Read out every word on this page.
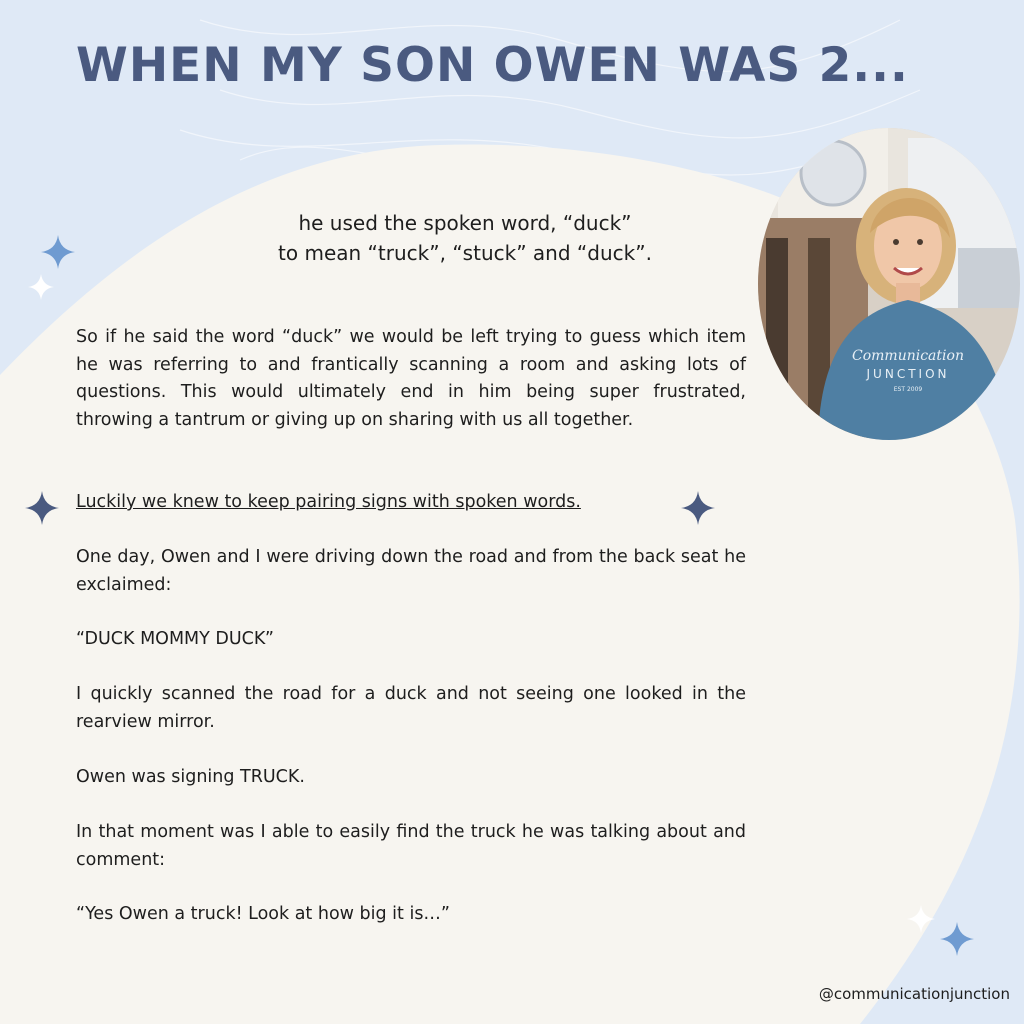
WHEN MY SON OWEN WAS 2...
he used the spoken word, “duck”
to mean “truck”, “stuck” and “duck”.
So if he said the word “duck” we would be left trying to guess which item he was referring to and frantically scanning a room and asking lots of questions. This would ultimately end in him being super frustrated, throwing a tantrum or giving up on sharing with us all together.
Luckily we knew to keep pairing signs with spoken words.
One day, Owen and I were driving down the road and from the back seat he exclaimed:
“DUCK MOMMY DUCK”
I quickly scanned the road for a duck and not seeing one looked in the rearview mirror.
Owen was signing TRUCK.
In that moment was I able to easily find the truck he was talking about and comment:
“Yes Owen a truck! Look at how big it is…”
Communication
JUNCTION
EST 2009
@communicationjunction
